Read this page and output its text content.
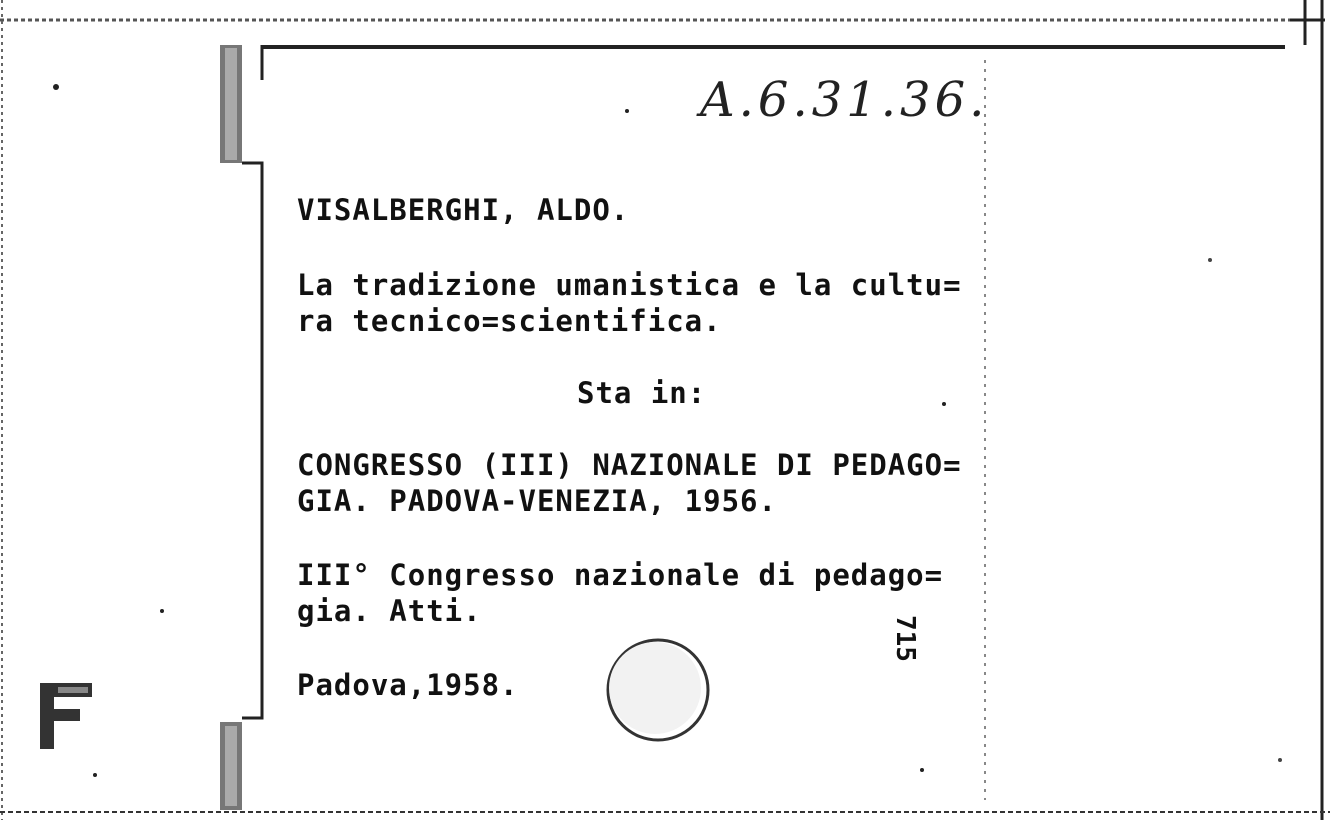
A.6.31.36.
VISALBERGHI, ALDO.
La tradizione umanistica e la cultu=
ra tecnico=scientifica.
Sta in:
CONGRESSO (III) NAZIONALE DI PEDAGO=
GIA. PADOVA-VENEZIA, 1956.
III° Congresso nazionale di pedago=
gia. Atti.
Padova,1958.
715
